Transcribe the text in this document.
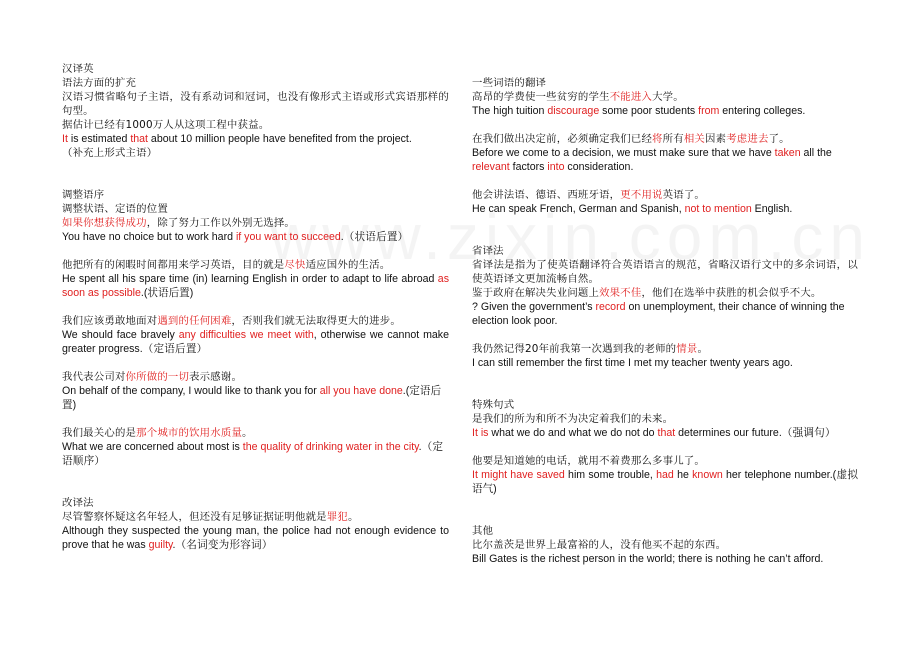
汉译英

语法方面的扩充

汉语习惯省略句子主语，没有系动词和冠词，也没有像形式主语或形式宾语那样的句型。

据估计已经有1000万人从这项工程中获益。

It is estimated that about 10 million people have benefited from the project.

（补充上形式主语）

调整语序

调整状语、定语的位置

如果你想获得成功，除了努力工作以外别无选择。

You have no choice but to work hard if you want to succeed.（状语后置）

他把所有的闲暇时间都用来学习英语，目的就是尽快适应国外的生活。

He spent all his spare time (in) learning English in order to adapt to life abroad as soon as possible.(状语后置)

我们应该勇敢地面对遇到的任何困难，否则我们就无法取得更大的进步。

We should face bravely any difficulties we meet with, otherwise we cannot make greater progress.（定语后置）

我代表公司对你所做的一切表示感谢。

On behalf of the company, I would like to thank you for all you have done.(定语后置)

我们最关心的是那个城市的饮用水质量。

What we are concerned about most is the quality of drinking water in the city.（定语顺序）

改译法

尽管警察怀疑这名年轻人，但还没有足够证据证明他就是罪犯。

Although they suspected the young man, the police had not enough evidence to prove that he was guilty.（名词变为形容词）

一些词语的翻译

高昂的学费使一些贫穷的学生不能进入大学。

The high tuition discourage some poor students from entering colleges.

在我们做出决定前，必须确定我们已经将所有相关因素考虑进去了。

Before we come to a decision, we must make sure that we have taken all the relevant factors into consideration.

他会讲法语、德语、西班牙语，更不用说英语了。

He can speak French, German and Spanish, not to mention English.

省译法

省译法是指为了使英语翻译符合英语语言的规范，省略汉语行文中的多余词语，以使英语译文更加流畅自然。

鉴于政府在解决失业问题上效果不佳，他们在选举中获胜的机会似乎不大。

? Given the government’s record on unemployment, their chance of winning the election look poor.

我仍然记得20年前我第一次遇到我的老师的情景。

I can still remember the first time I met my teacher twenty years ago.

特殊句式

是我们的所为和所不为决定着我们的未来。

It is what we do and what we do not do that determines our future.（强调句）

他要是知道她的电话，就用不着费那么多事儿了。

It might have saved him some trouble, had he known her telephone number.(虚拟语气)

其他

比尔盖茨是世界上最富裕的人，没有他买不起的东西。

Bill Gates is the richest person in the world; there is nothing he can’t afford.
